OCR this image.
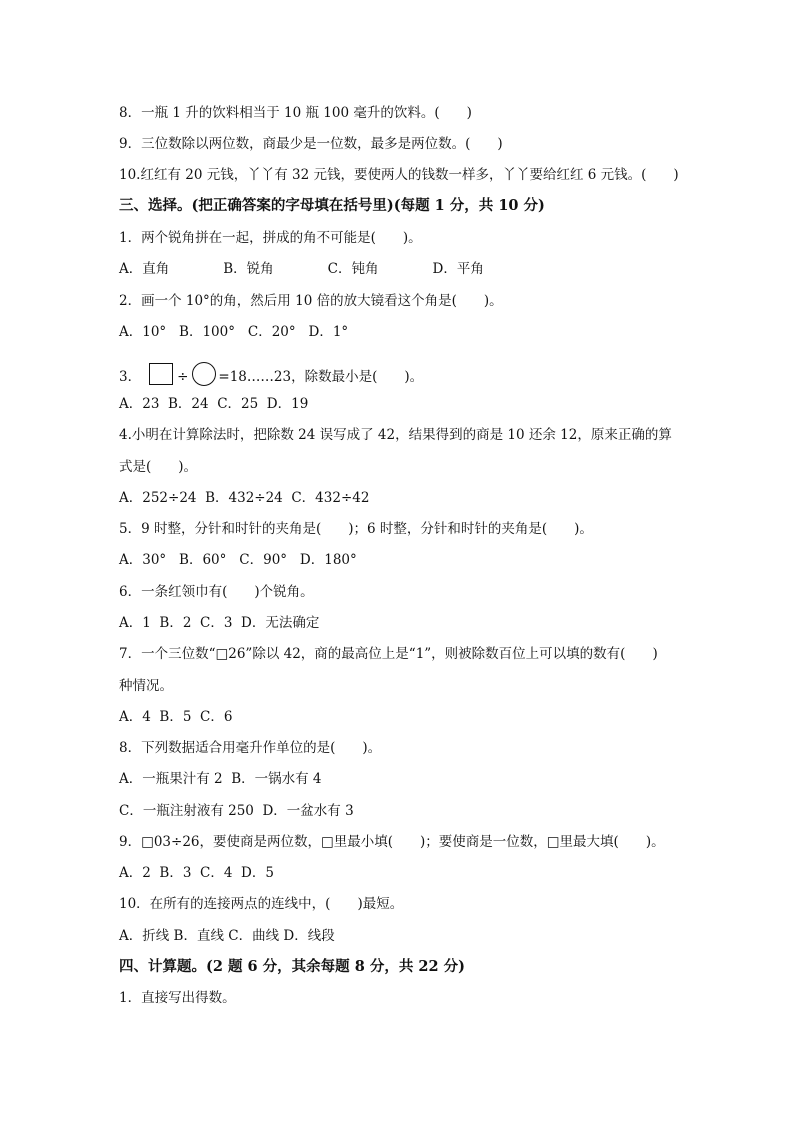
8．一瓶 1 升的饮料相当于 10 瓶 100 毫升的饮料。(　　)
9．三位数除以两位数，商最少是一位数，最多是两位数。(　　)
10.红红有 20 元钱，丫丫有 32 元钱，要使两人的钱数一样多，丫丫要给红红 6 元钱。(　　)
三、选择。(把正确答案的字母填在括号里)(每题 1 分，共 10 分)
1．两个锐角拼在一起，拼成的角不可能是(　　)。
A．直角　　　　B．锐角　　　　C．钝角　　　　D．平角
2．画一个 10°的角，然后用 10 倍的放大镜看这个角是(　　)。
A．10°   B．100°   C．20°   D．1°
3．	÷ =18……23，除数最小是(　　)。
A．23  B．24  C．25  D．19
4.小明在计算除法时，把除数 24 误写成了 42，结果得到的商是 10 还余 12，原来正确的算
式是(　　)。
A．252÷24  B．432÷24  C．432÷42
5．9 时整，分针和时针的夹角是(　　)；6 时整，分针和时针的夹角是(　　)。
A．30°   B．60°   C．90°   D．180°
6．一条红领巾有(　　)个锐角。
A．1  B．2  C．3  D．无法确定
7．一个三位数“□26”除以 42，商的最高位上是“1”，则被除数百位上可以填的数有(　　)
种情况。
A．4  B．5  C．6
8．下列数据适合用毫升作单位的是(　　)。
A．一瓶果汁有 2  B．一锅水有 4
C．一瓶注射液有 250  D．一盆水有 3
9．□03÷26，要使商是两位数，□里最小填(　　)；要使商是一位数，□里最大填(　　)。
A．2  B．3  C．4  D．5
10．在所有的连接两点的连线中，(　　)最短。
A．折线 B．直线 C．曲线 D．线段
四、计算题。(2 题 6 分，其余每题 8 分，共 22 分)
1．直接写出得数。
